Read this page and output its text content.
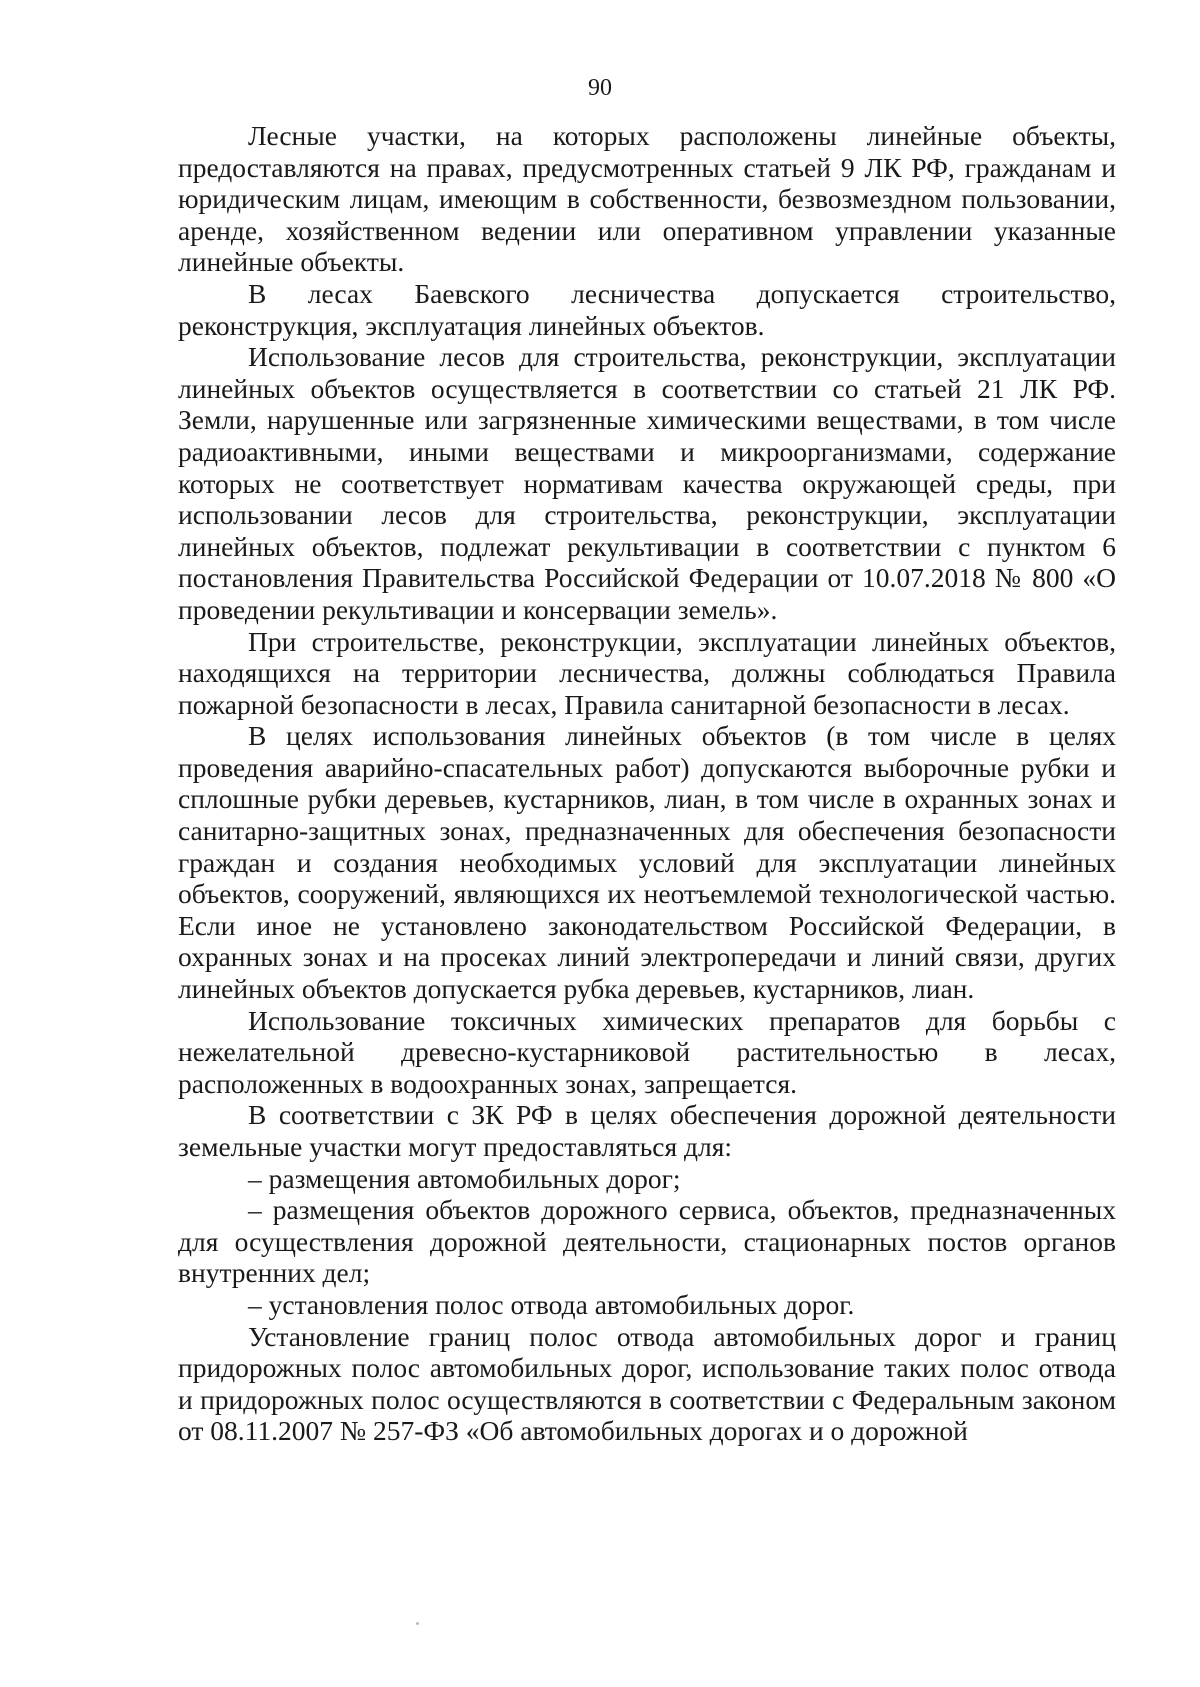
90

Лесные участки, на которых расположены линейные объекты, предоставляются на правах, предусмотренных статьей 9 ЛК РФ, гражданам и юридическим лицам, имеющим в собственности, безвозмездном пользовании, аренде, хозяйственном ведении или оперативном управлении указанные линейные объекты.

В лесах Баевского лесничества допускается строительство, реконструкция, эксплуатация линейных объектов.

Использование лесов для строительства, реконструкции, эксплуатации линейных объектов осуществляется в соответствии со статьей 21 ЛК РФ. Земли, нарушенные или загрязненные химическими веществами, в том числе радиоактивными, иными веществами и микроорганизмами, содержание которых не соответствует нормативам качества окружающей среды, при использовании лесов для строительства, реконструкции, эксплуатации линейных объектов, подлежат рекультивации в соответствии с пунктом 6 постановления Правительства Российской Федерации от 10.07.2018 № 800 «О проведении рекультивации и консервации земель».

При строительстве, реконструкции, эксплуатации линейных объектов, находящихся на территории лесничества, должны соблюдаться Правила пожарной безопасности в лесах, Правила санитарной безопасности в лесах.

В целях использования линейных объектов (в том числе в целях проведения аварийно-спасательных работ) допускаются выборочные рубки и сплошные рубки деревьев, кустарников, лиан, в том числе в охранных зонах и санитарно-защитных зонах, предназначенных для обеспечения безопасности граждан и создания необходимых условий для эксплуатации линейных объектов, сооружений, являющихся их неотъемлемой технологической частью. Если иное не установлено законодательством Российской Федерации, в охранных зонах и на просеках линий электропередачи и линий связи, других линейных объектов допускается рубка деревьев, кустарников, лиан.

Использование токсичных химических препаратов для борьбы с нежелательной древесно-кустарниковой растительностью в лесах, расположенных в водоохранных зонах, запрещается.

В соответствии с ЗК РФ в целях обеспечения дорожной деятельности земельные участки могут предоставляться для:

– размещения автомобильных дорог;

– размещения объектов дорожного сервиса, объектов, предназначенных для осуществления дорожной деятельности, стационарных постов органов внутренних дел;

– установления полос отвода автомобильных дорог.

Установление границ полос отвода автомобильных дорог и границ придорожных полос автомобильных дорог, использование таких полос отвода и придорожных полос осуществляются в соответствии с Федеральным законом от 08.11.2007 № 257-ФЗ «Об автомобильных дорогах и о дорожной
